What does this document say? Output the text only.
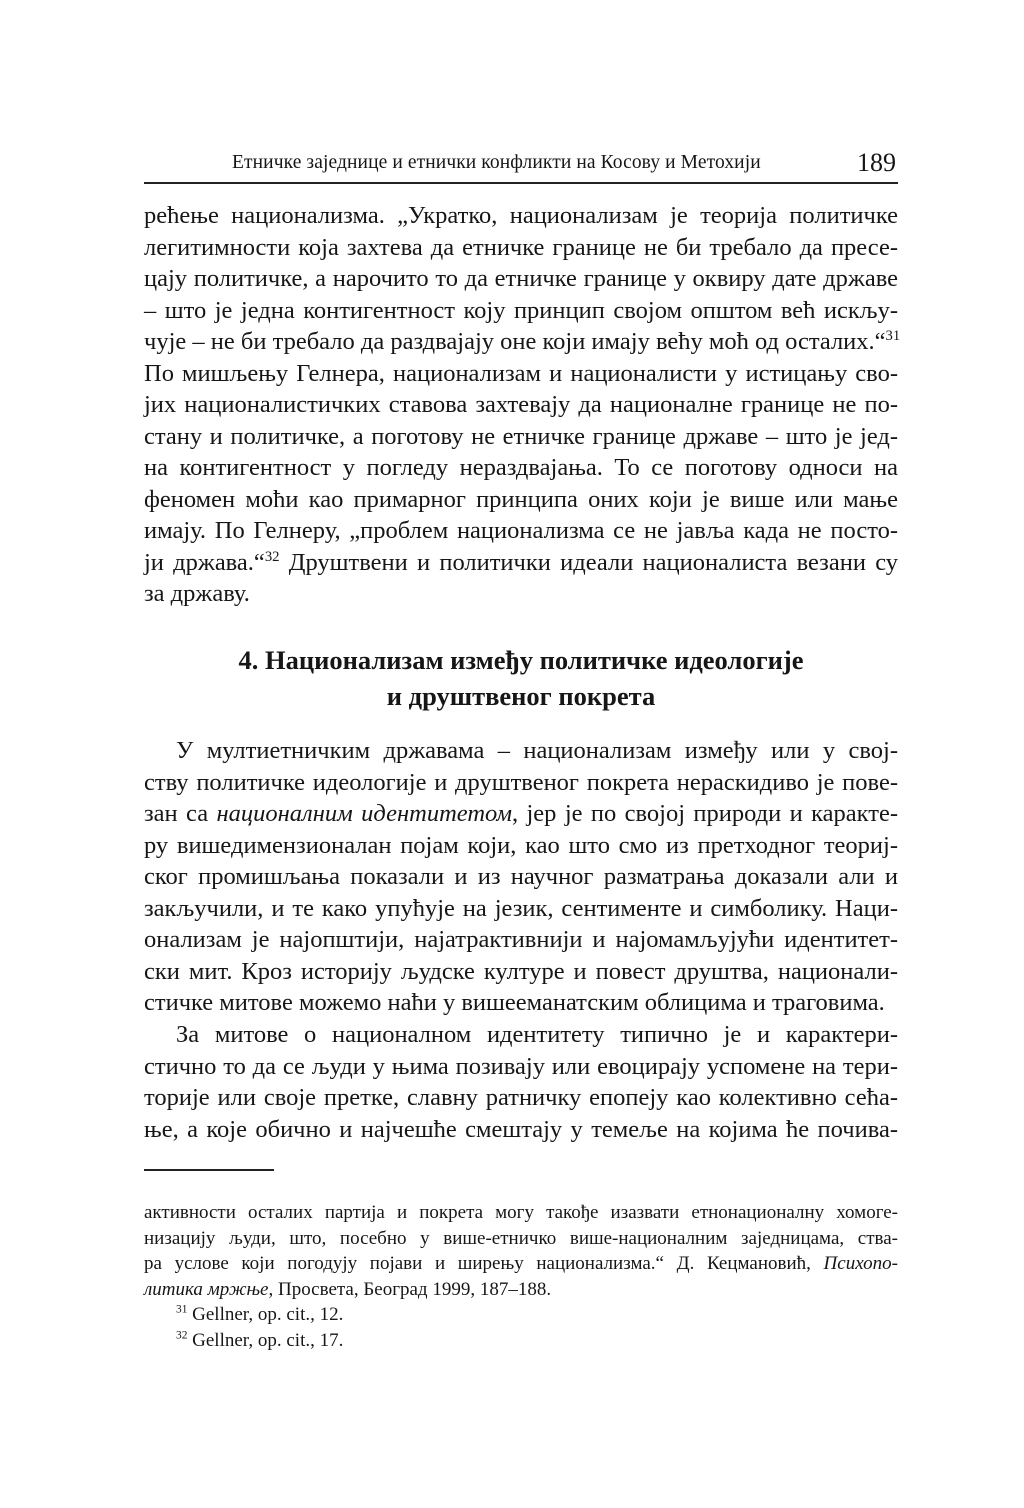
Етничке заједнице и етнички конфликти на Косову и Метохији	189
рећење национализма. „Укратко, национализам је теорија политичке
легитимности која захтева да етничке границе не би требало да пресе-
цају политичке, а нарочито то да етничке границе у оквиру дате државе
– што је једна контигентност коју принцип својом општом већ искљу-
чује – не би требало да раздвајају оне који имају већу моћ од осталих.“$^{31}$
По мишљењу Гелнера, национализам и националисти у истицању сво-
јих националистичких ставова захтевају да националне границе не по-
стану и политичке, а поготову не етничке границе државе – што је јед-
на контигентност у погледу нераздвајања. То се поготову односи на
феномен моћи као примарног принципа оних који је више или мање
имају. По Гелнеру, „проблем национализма се не јавља када не посто-
ји држава.“$^{32}$ Друштвени и политички идеали националиста везани су
за државу.
4. Национализам између политичке идеологије
и друштвеног покрета
У мултиетничким државама – национализам између или у свој-
ству политичке идеологије и друштвеног покрета нераскидиво је пове-
зан са националним идентитетом, јер је по својој природи и карактe-
ру вишедимензионалан појам који, као што смо из претходног теориј-
ског промишљања показали и из научног разматрања доказали али и
закључили, и те како упућује на језик, сентименте и симболику. Наци-
онализам је најопштији, најатрактивнији и најомамљујући идентитет-
ски мит. Кроз историју људске културе и повест друштва, национали-
стичке митове можемо наћи у вишееманатским облицима и траговима.
За митове о националном идентитету типично је и карактери-
стично то да се људи у њима позивају или евоцирају успомене на тери-
торије или своје претке, славну ратничку епопеју као колективно сећа-
ње, а које обично и најчешће смештају у темеље на којима ће почива-
активности осталих партија и покрета могу такође изазвати етнонационалну хомоге-
низацију људи, што, посебно у више-етничко више-националним заједницама, ства-
ра услове који погодују појави и ширењу национализма.“ Д. Кецмановић, Психопо-
литика мржње, Просвета, Београд 1999, 187–188.
$^{31}$ Gellner, op. cit., 12.
$^{32}$ Gellner, op. cit., 17.
